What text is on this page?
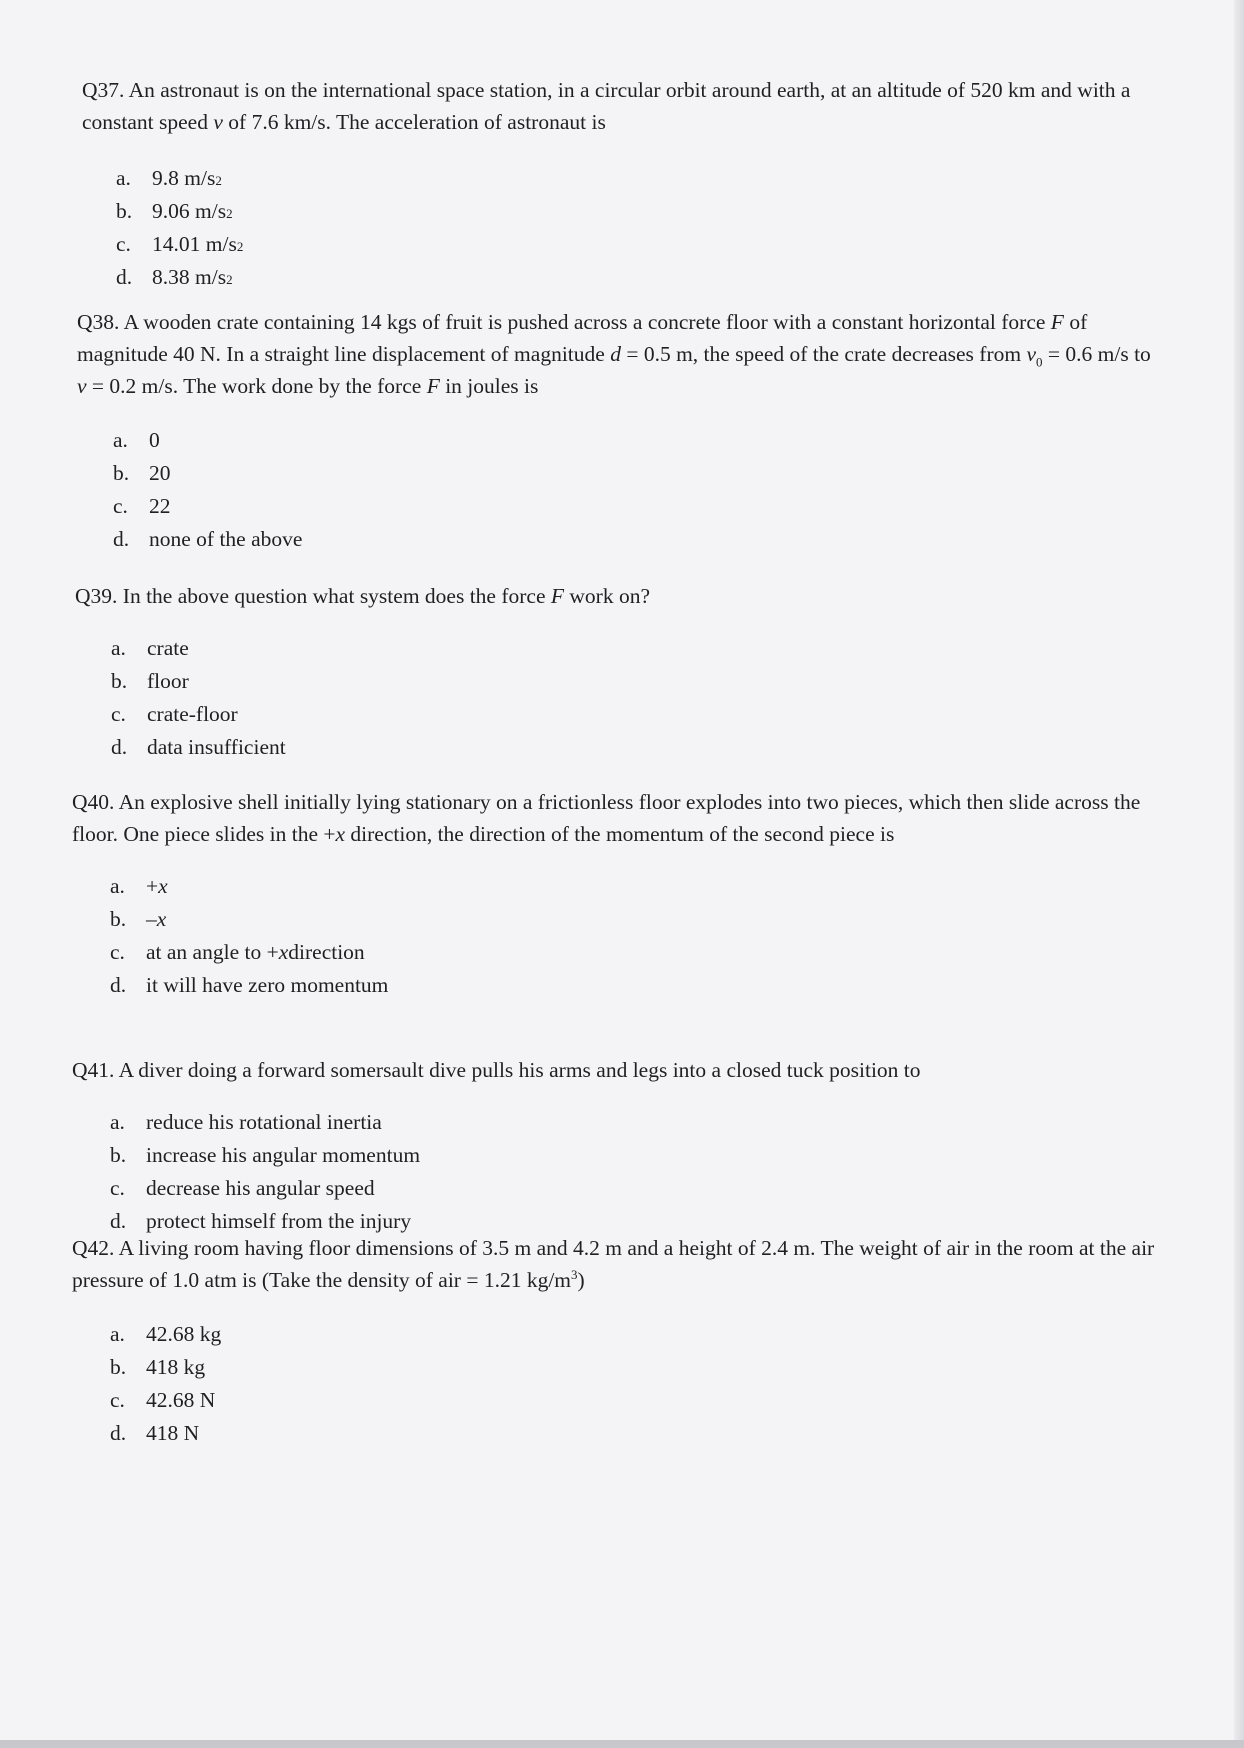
Q37. An astronaut is on the international space station, in a circular orbit around earth, at an altitude of 520 km and with a constant speed v of 7.6 km/s. The acceleration of astronaut is

a. 9.8 m/s 2
b. 9.06 m/s 2
c. 14.01 m/s 2
d. 8.38 m/s 2

Q38. A wooden crate containing 14 kgs of fruit is pushed across a concrete floor with a constant horizontal force F of magnitude 40 N. In a straight line displacement of magnitude d = 0.5 m, the speed of the crate decreases from $v_0 = 0.6$ m/s to v = 0.2 m/s. The work done by the force F in joules is

a. 0
b. 20
c. 22
d. none of the above

Q39. In the above question what system does the force F work on?

a. crate
b. floor
c. crate-floor
d. data insufficient

Q40. An explosive shell initially lying stationary on a frictionless floor explodes into two pieces, which then slide across the floor. One piece slides in the +x direction, the direction of the momentum of the second piece is

a. + x
b. – x
c. at an angle to + x direction
d. it will have zero momentum

Q41. A diver doing a forward somersault dive pulls his arms and legs into a closed tuck position to

a. reduce his rotational inertia
b. increase his angular momentum
c. decrease his angular speed
d. protect himself from the injury

Q42. A living room having floor dimensions of 3.5 m and 4.2 m and a height of 2.4 m. The weight of air in the room at the air pressure of 1.0 atm is (Take the density of air = 1.21 $kg/m^3$)

a. 42.68 kg
b. 418 kg
c. 42.68 N
d. 418 N
